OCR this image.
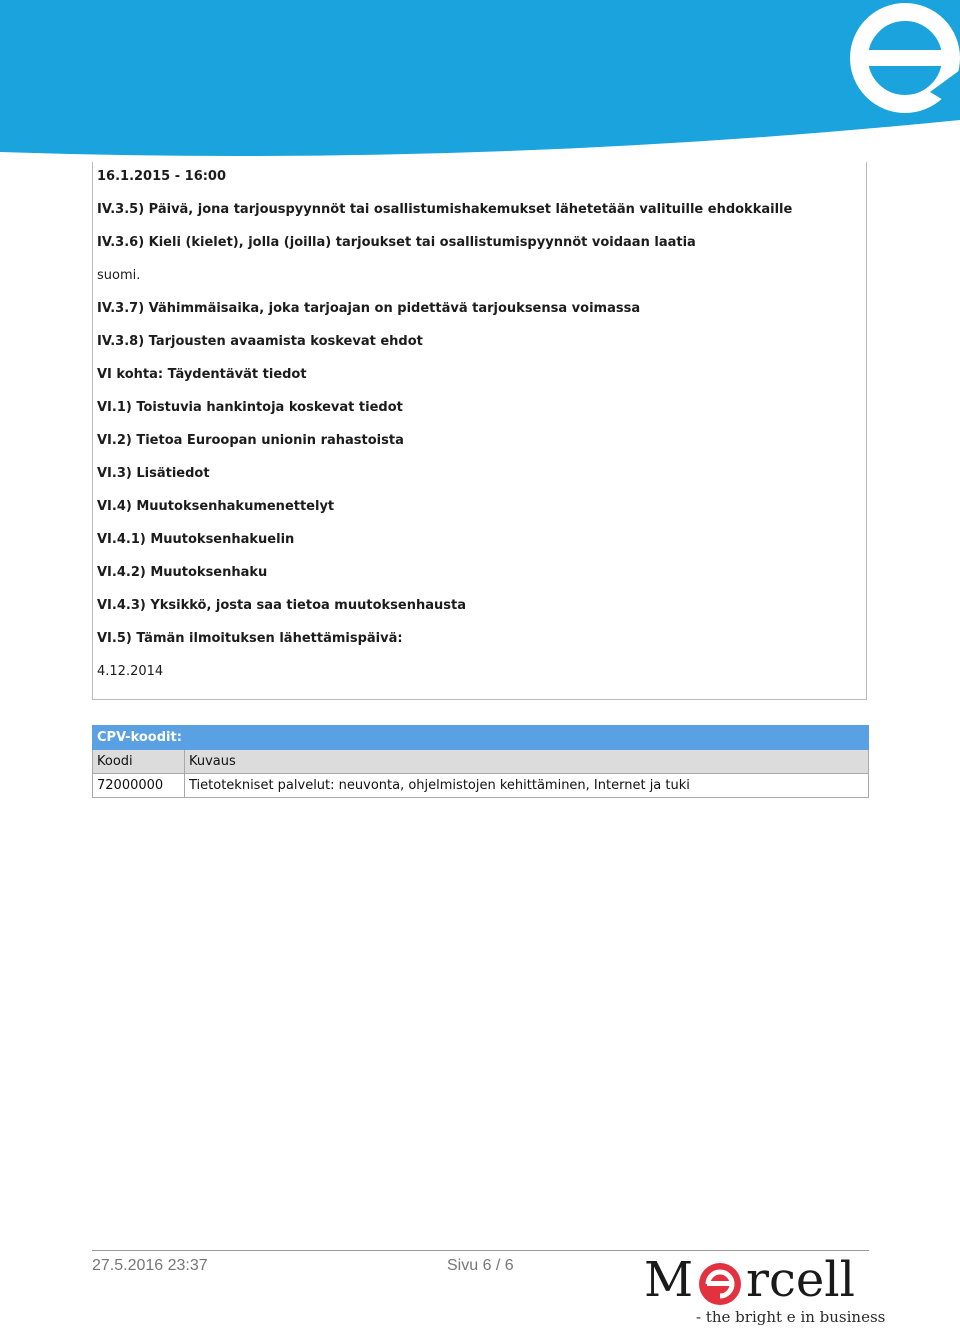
16.1.2015 - 16:00
IV.3.5) Päivä, jona tarjouspyynnöt tai osallistumishakemukset lähetetään valituille ehdokkaille
IV.3.6) Kieli (kielet), jolla (joilla) tarjoukset tai osallistumispyynnöt voidaan laatia
suomi.
IV.3.7) Vähimmäisaika, joka tarjoajan on pidettävä tarjouksensa voimassa
IV.3.8) Tarjousten avaamista koskevat ehdot
VI kohta: Täydentävät tiedot
VI.1) Toistuvia hankintoja koskevat tiedot
VI.2) Tietoa Euroopan unionin rahastoista
VI.3) Lisätiedot
VI.4) Muutoksenhakumenettelyt
VI.4.1) Muutoksenhakuelin
VI.4.2) Muutoksenhaku
VI.4.3) Yksikkö, josta saa tietoa muutoksenhausta
VI.5) Tämän ilmoituksen lähettämispäivä:
4.12.2014
CPV-koodit:	
Koodi	Kuvaus
72000000	Tietotekniset palvelut: neuvonta, ohjelmistojen kehittäminen, Internet ja tuki
27.5.2016 23:37	Sivu 6 / 6	M rcell
- the bright e in business
